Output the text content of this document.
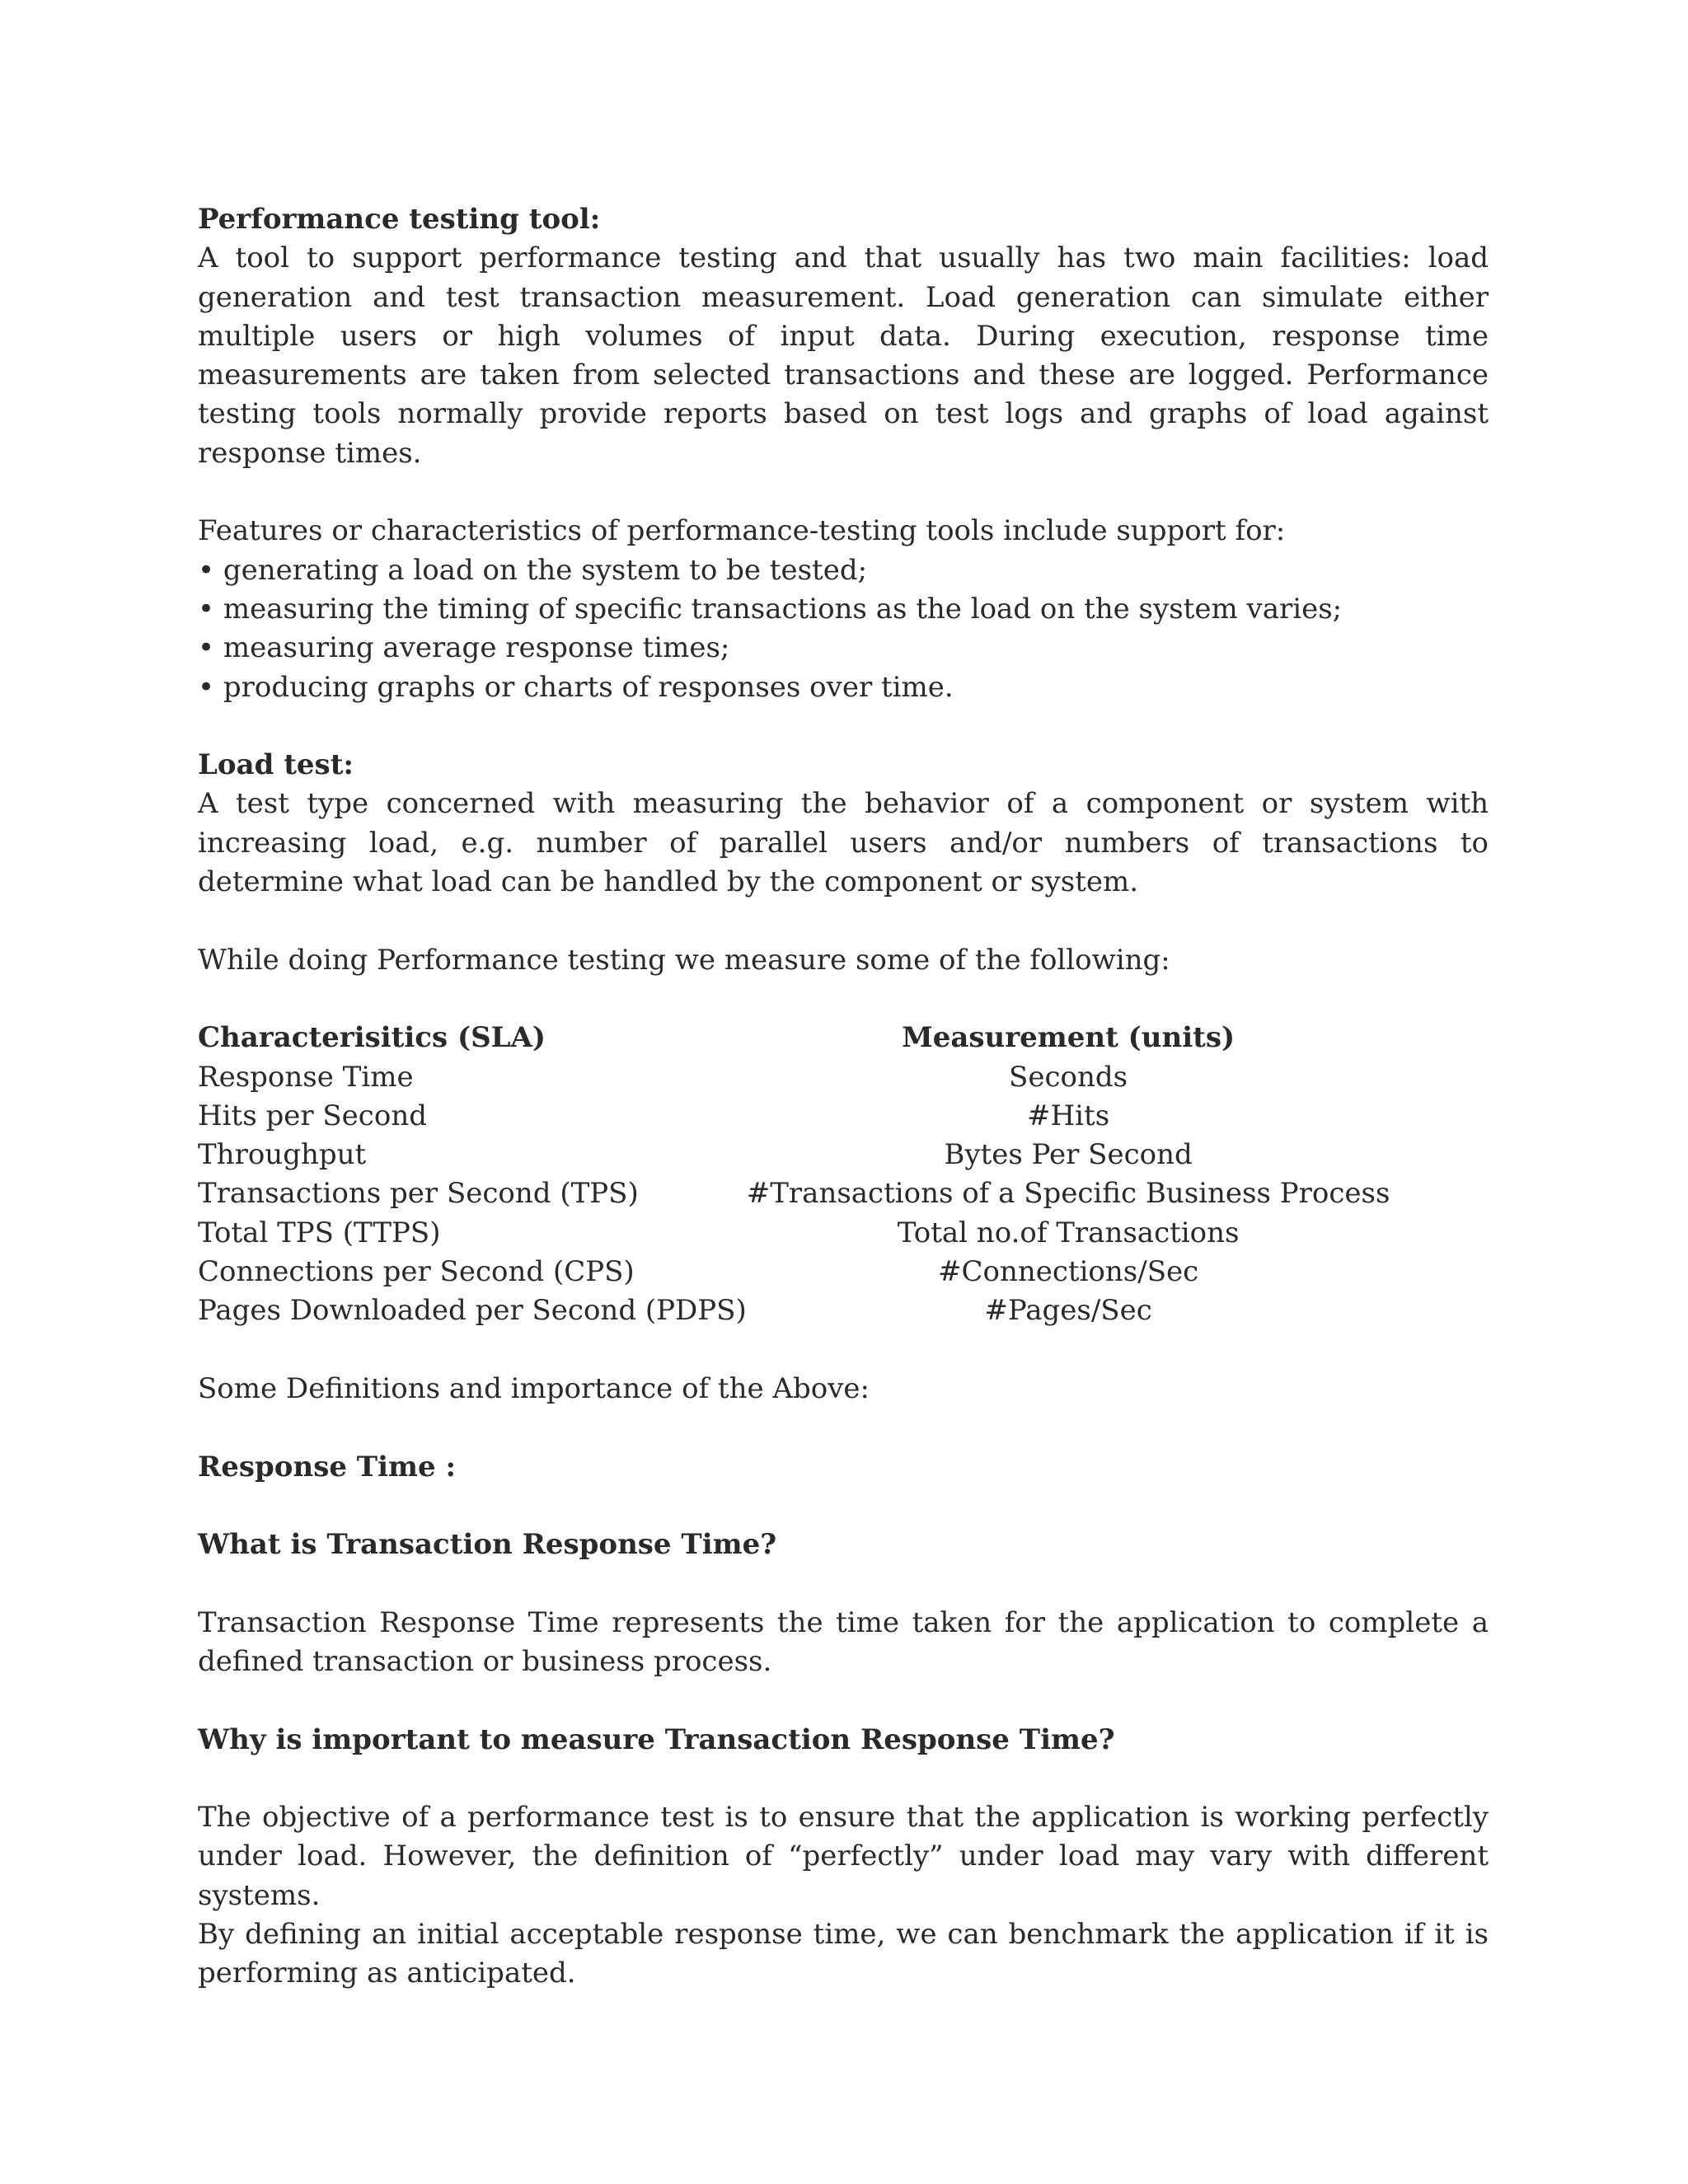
Performance testing tool:

A tool to support performance testing and that usually has two main facilities: load generation and test transaction measurement. Load generation can simulate either multiple users or high volumes of input data. During execution, response time measurements are taken from selected transactions and these are logged. Performance testing tools normally provide reports based on test logs and graphs of load against response times.

Features or characteristics of performance-testing tools include support for:

• generating a load on the system to be tested;

• measuring the timing of specific transactions as the load on the system varies;

• measuring average response times;

• producing graphs or charts of responses over time.

Load test:

A test type concerned with measuring the behavior of a component or system with increasing load, e.g. number of parallel users and/or numbers of transactions to determine what load can be handled by the component or system.

While doing Performance testing we measure some of the following:

Characterisitics (SLA)	Measurement (units)
Response Time	Seconds
Hits per Second	#Hits
Throughput	Bytes Per Second
Transactions per Second (TPS)	#Transactions of a Specific Business Process
Total TPS (TTPS)	Total no.of Transactions
Connections per Second (CPS)	#Connections/Sec
Pages Downloaded per Second (PDPS)	#Pages/Sec

Some Definitions and importance of the Above:

Response Time :

What is Transaction Response Time?

Transaction Response Time represents the time taken for the application to complete a defined transaction or business process.

Why is important to measure Transaction Response Time?

The objective of a performance test is to ensure that the application is working perfectly under load. However, the definition of “perfectly” under load may vary with different systems.

By defining an initial acceptable response time, we can benchmark the application if it is performing as anticipated.
